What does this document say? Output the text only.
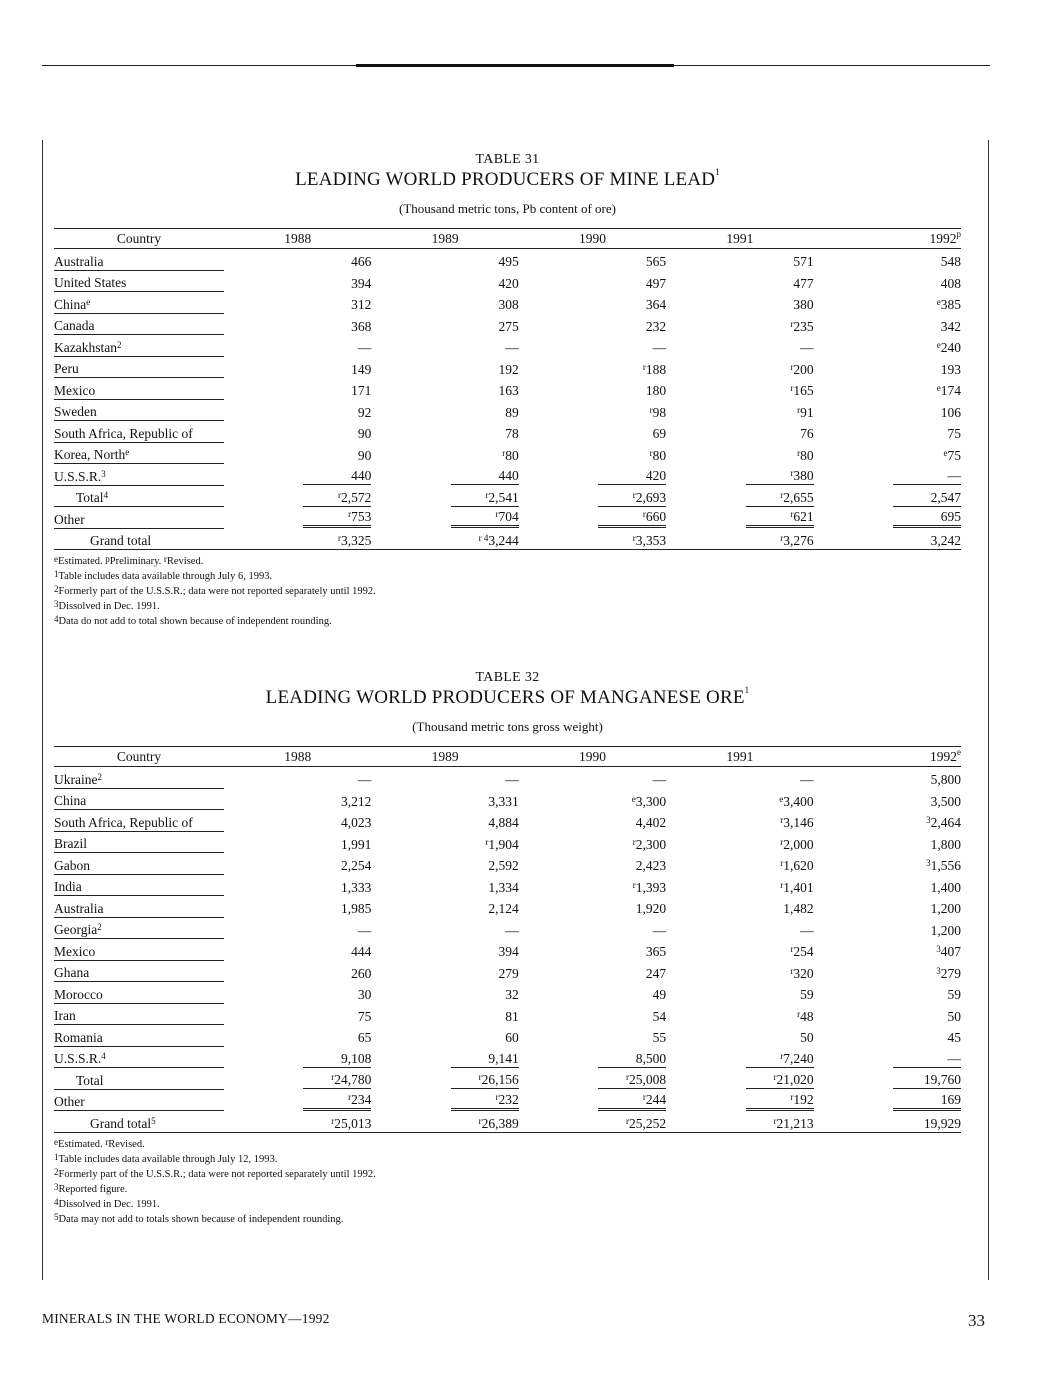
TABLE 31
LEADING WORLD PRODUCERS OF MINE LEAD$^1$
(Thousand metric tons, Pb content of ore)
Country	1988	1989	1990	1991	1992$^p$
Australia	466	495	565	571	548
United States	394	420	497	477	408
China$^e$	312	308	364	380	$^e$385
Canada	368	275	232	$^r$235	342
Kazakhstan$^2$	—	—	—	—	$^e$240
Peru	149	192	$^r$188	$^r$200	193
Mexico	171	163	180	$^r$165	$^e$174
Sweden	92	89	$^r$98	$^r$91	106
South Africa, Republic of	90	78	69	76	75
Korea, North$^e$	90	$^r$80	$^r$80	$^r$80	$^e$75
U.S.S.R.$^3$	440	440	420	$^r$380	—
Total$^4$	$^r$2,572	$^r$2,541	$^r$2,693	$^r$2,655	2,547
Other	$^r$753	$^r$704	$^r$660	$^r$621	695
Grand total	$^r$3,325	$^{r 4}$3,244	$^r$3,353	$^r$3,276	3,242
$^e$Estimated. $^p$Preliminary. $^r$Revised.
$^1$Table includes data available through July 6, 1993.
$^2$Formerly part of the U.S.S.R.; data were not reported separately until 1992.
$^3$Dissolved in Dec. 1991.
$^4$Data do not add to total shown because of independent rounding.
TABLE 32
LEADING WORLD PRODUCERS OF MANGANESE ORE$^1$
(Thousand metric tons gross weight)
Country	1988	1989	1990	1991	1992e
Ukraine$^2$	—	—	—	—	5,800
China	3,212	3,331	$^e$3,300	$^e$3,400	3,500
South Africa, Republic of	4,023	4,884	4,402	$^r$3,146	$^3$2,464
Brazil	1,991	$^r$1,904	$^r$2,300	$^r$2,000	1,800
Gabon	2,254	2,592	2,423	$^r$1,620	$^3$1,556
India	1,333	1,334	$^r$1,393	$^r$1,401	1,400
Australia	1,985	2,124	1,920	1,482	1,200
Georgia$^2$	—	—	—	—	1,200
Mexico	444	394	365	$^r$254	$^3$407
Ghana	260	279	247	$^r$320	$^3$279
Morocco	30	32	49	59	59
Iran	75	81	54	$^r$48	50
Romania	65	60	55	50	45
U.S.S.R.$^4$	9,108	9,141	8,500	$^r$7,240	—
Total	$^r$24,780	$^r$26,156	$^r$25,008	$^r$21,020	19,760
Other	$^r$234	$^r$232	$^r$244	$^r$192	169
Grand total$^5$	$^r$25,013	$^r$26,389	$^r$25,252	$^r$21,213	19,929
$^e$Estimated. $^r$Revised.
$^1$Table includes data available through July 12, 1993.
$^2$Formerly part of the U.S.S.R.; data were not reported separately until 1992.
$^3$Reported figure.
$^4$Dissolved in Dec. 1991.
$^5$Data may not add to totals shown because of independent rounding.
MINERALS IN THE WORLD ECONOMY—1992	33
